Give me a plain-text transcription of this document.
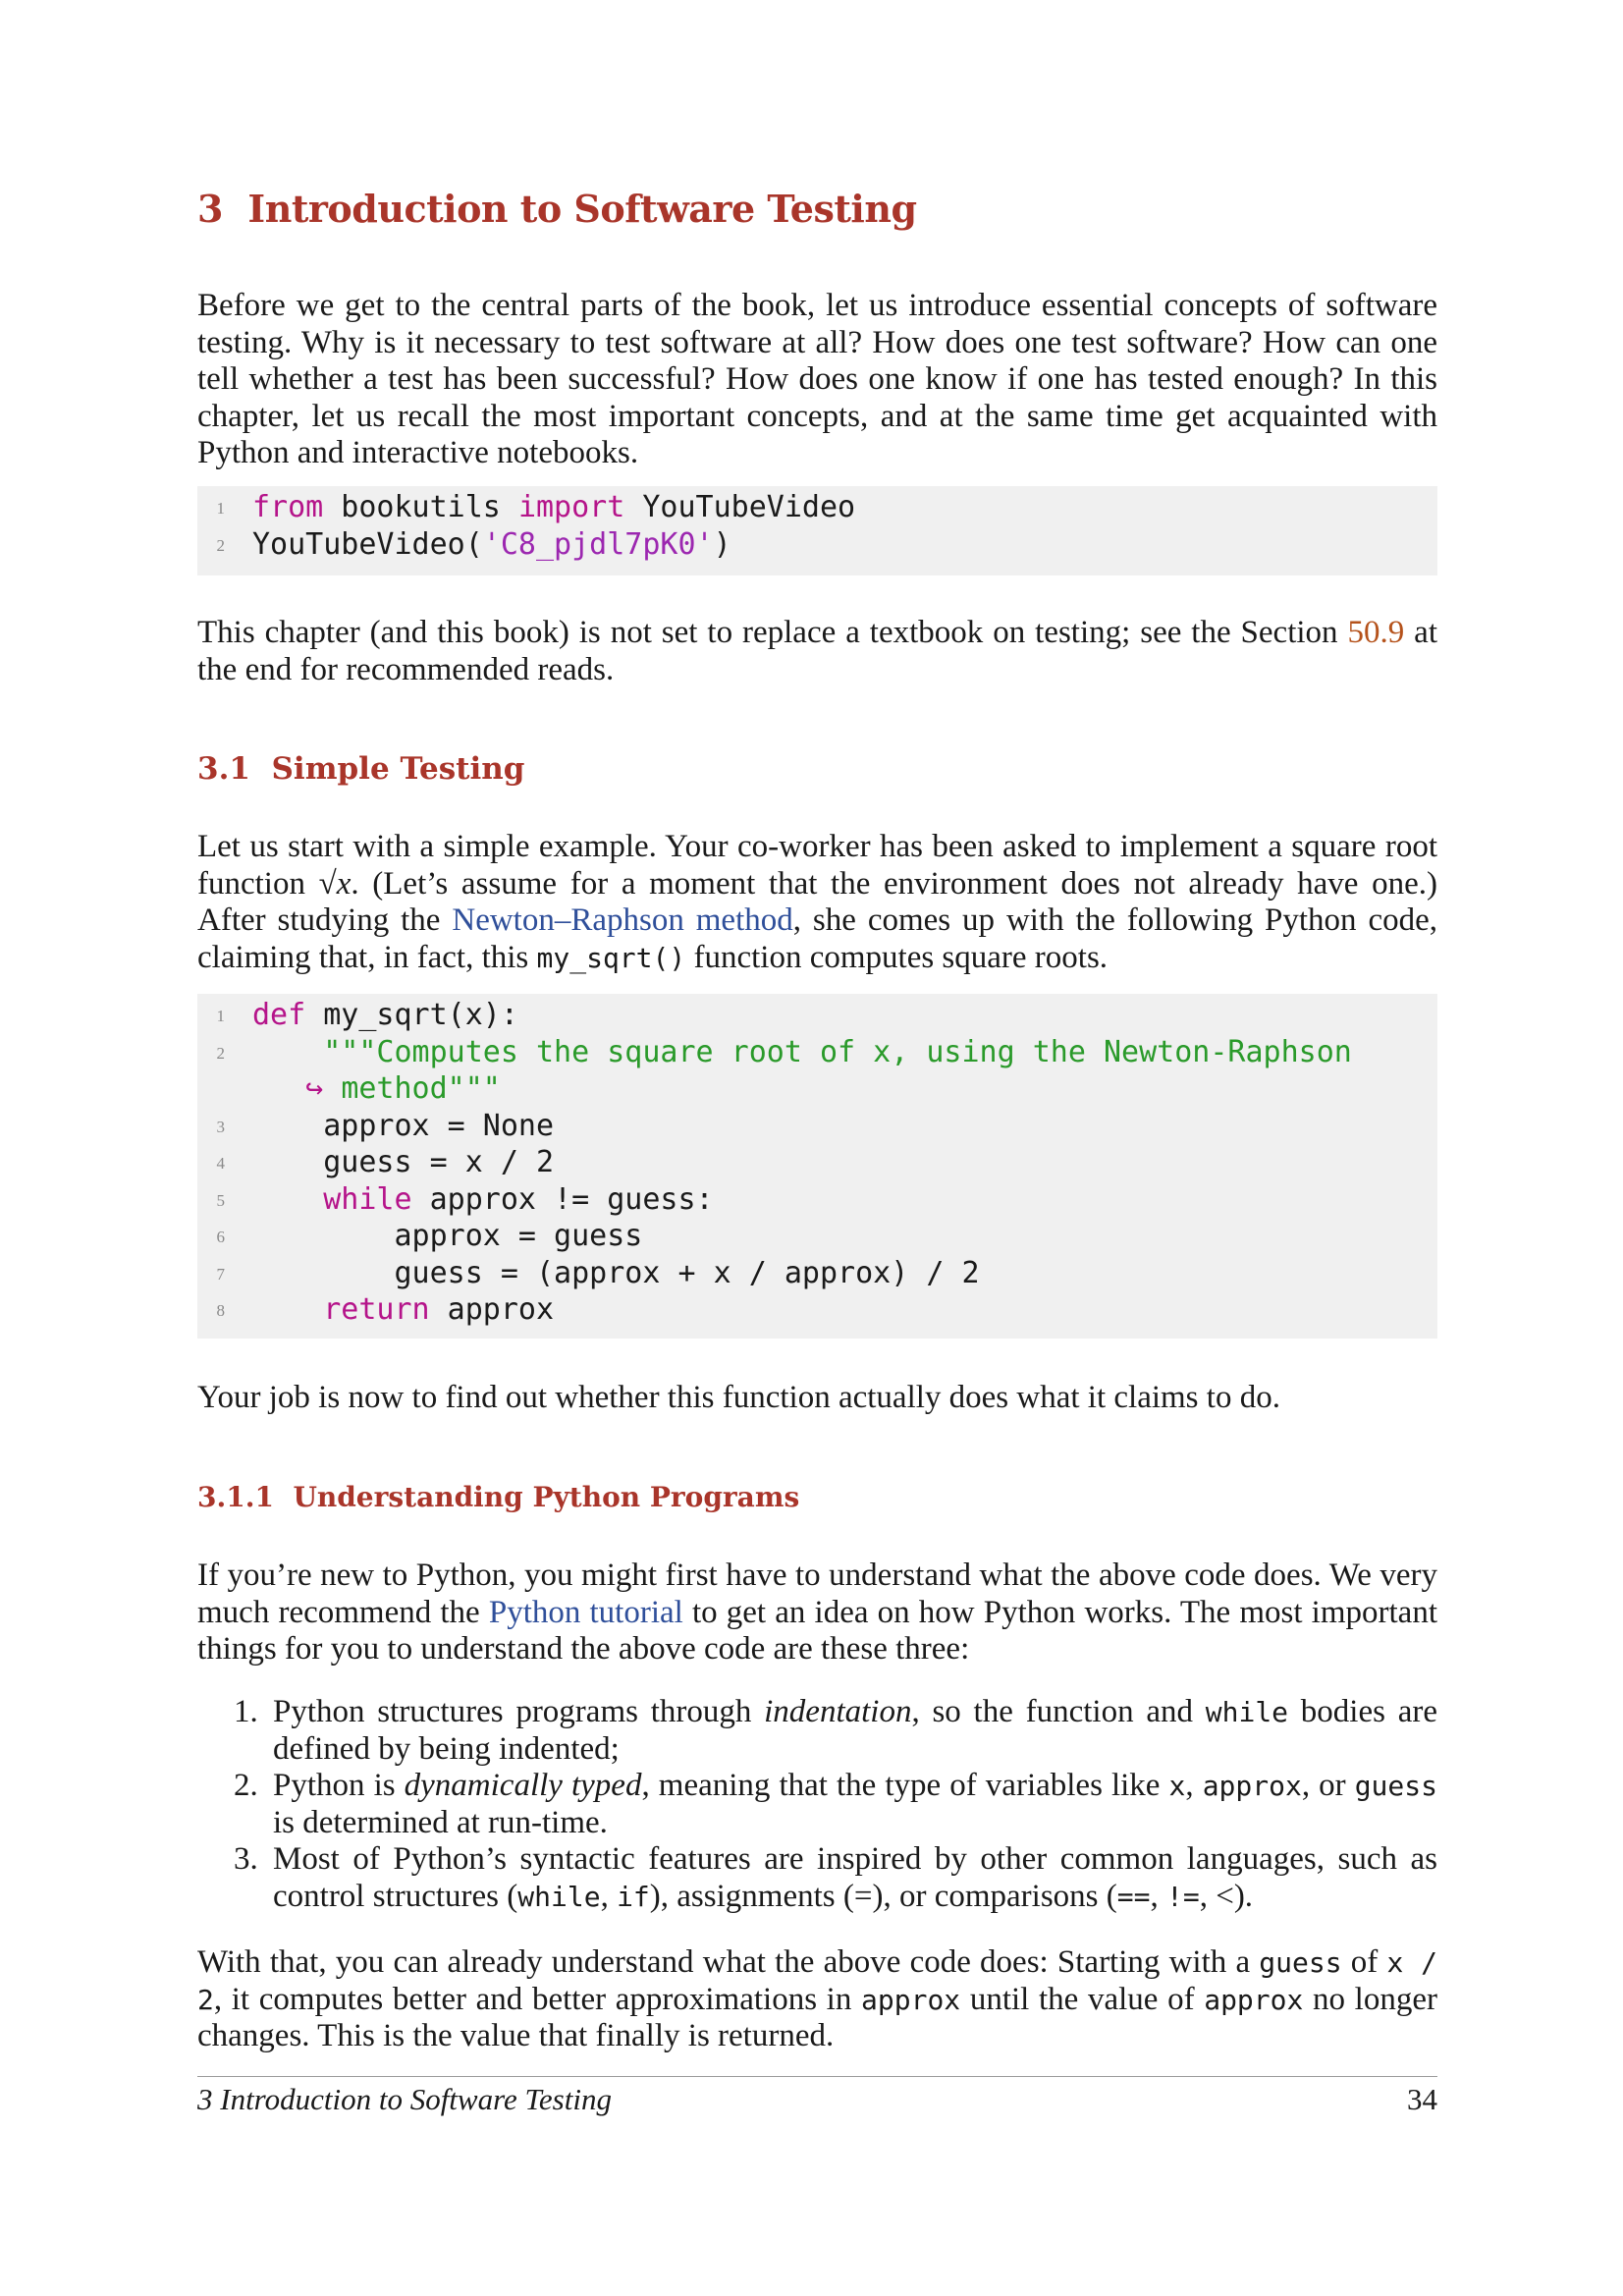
3 Introduction to Software Testing

Before we get to the central parts of the book, let us introduce essential concepts of software testing. Why is it necessary to test software at all? How does one test software? How can one tell whether a test has been successful? How does one know if one has tested enough? In this chapter, let us recall the most important concepts, and at the same time get acquainted with Python and interactive notebooks.

1 from bookutils import YouTubeVideo
2 YouTubeVideo('C8_pjdl7pK0')

This chapter (and this book) is not set to replace a textbook on testing; see the Section 50.9 at the end for recommended reads.

3.1 Simple Testing

Let us start with a simple example. Your co-worker has been asked to implement a square root function √x. (Let’s assume for a moment that the environment does not already have one.) After studying the Newton–Raphson method, she comes up with the following Python code, claiming that, in fact, this my_sqrt() function computes square roots.

1 def my_sqrt(x):
2 """Computes the square root of x, using the Newton-Raphson
↪ method"""
3 approx = None
4 guess = x / 2
5	while approx != guess:
6 approx = guess
7 guess = (approx + x / approx) / 2
8	return approx

Your job is now to find out whether this function actually does what it claims to do.

3.1.1 Understanding Python Programs

If you’re new to Python, you might first have to understand what the above code does. We very much recommend the Python tutorial to get an idea on how Python works. The most important things for you to understand the above code are these three:

1. Python structures programs through indentation, so the function and while bodies are defined by being indented;
2. Python is dynamically typed, meaning that the type of variables like x, approx, or guess is determined at run-time.
3. Most of Python’s syntactic features are inspired by other common languages, such as control structures (while, if), assignments (=), or comparisons (==, !=, <).

With that, you can already understand what the above code does: Starting with a guess of x / 2, it computes better and better approximations in approx until the value of approx no longer changes. This is the value that finally is returned.

3 Introduction to Software Testing	34
